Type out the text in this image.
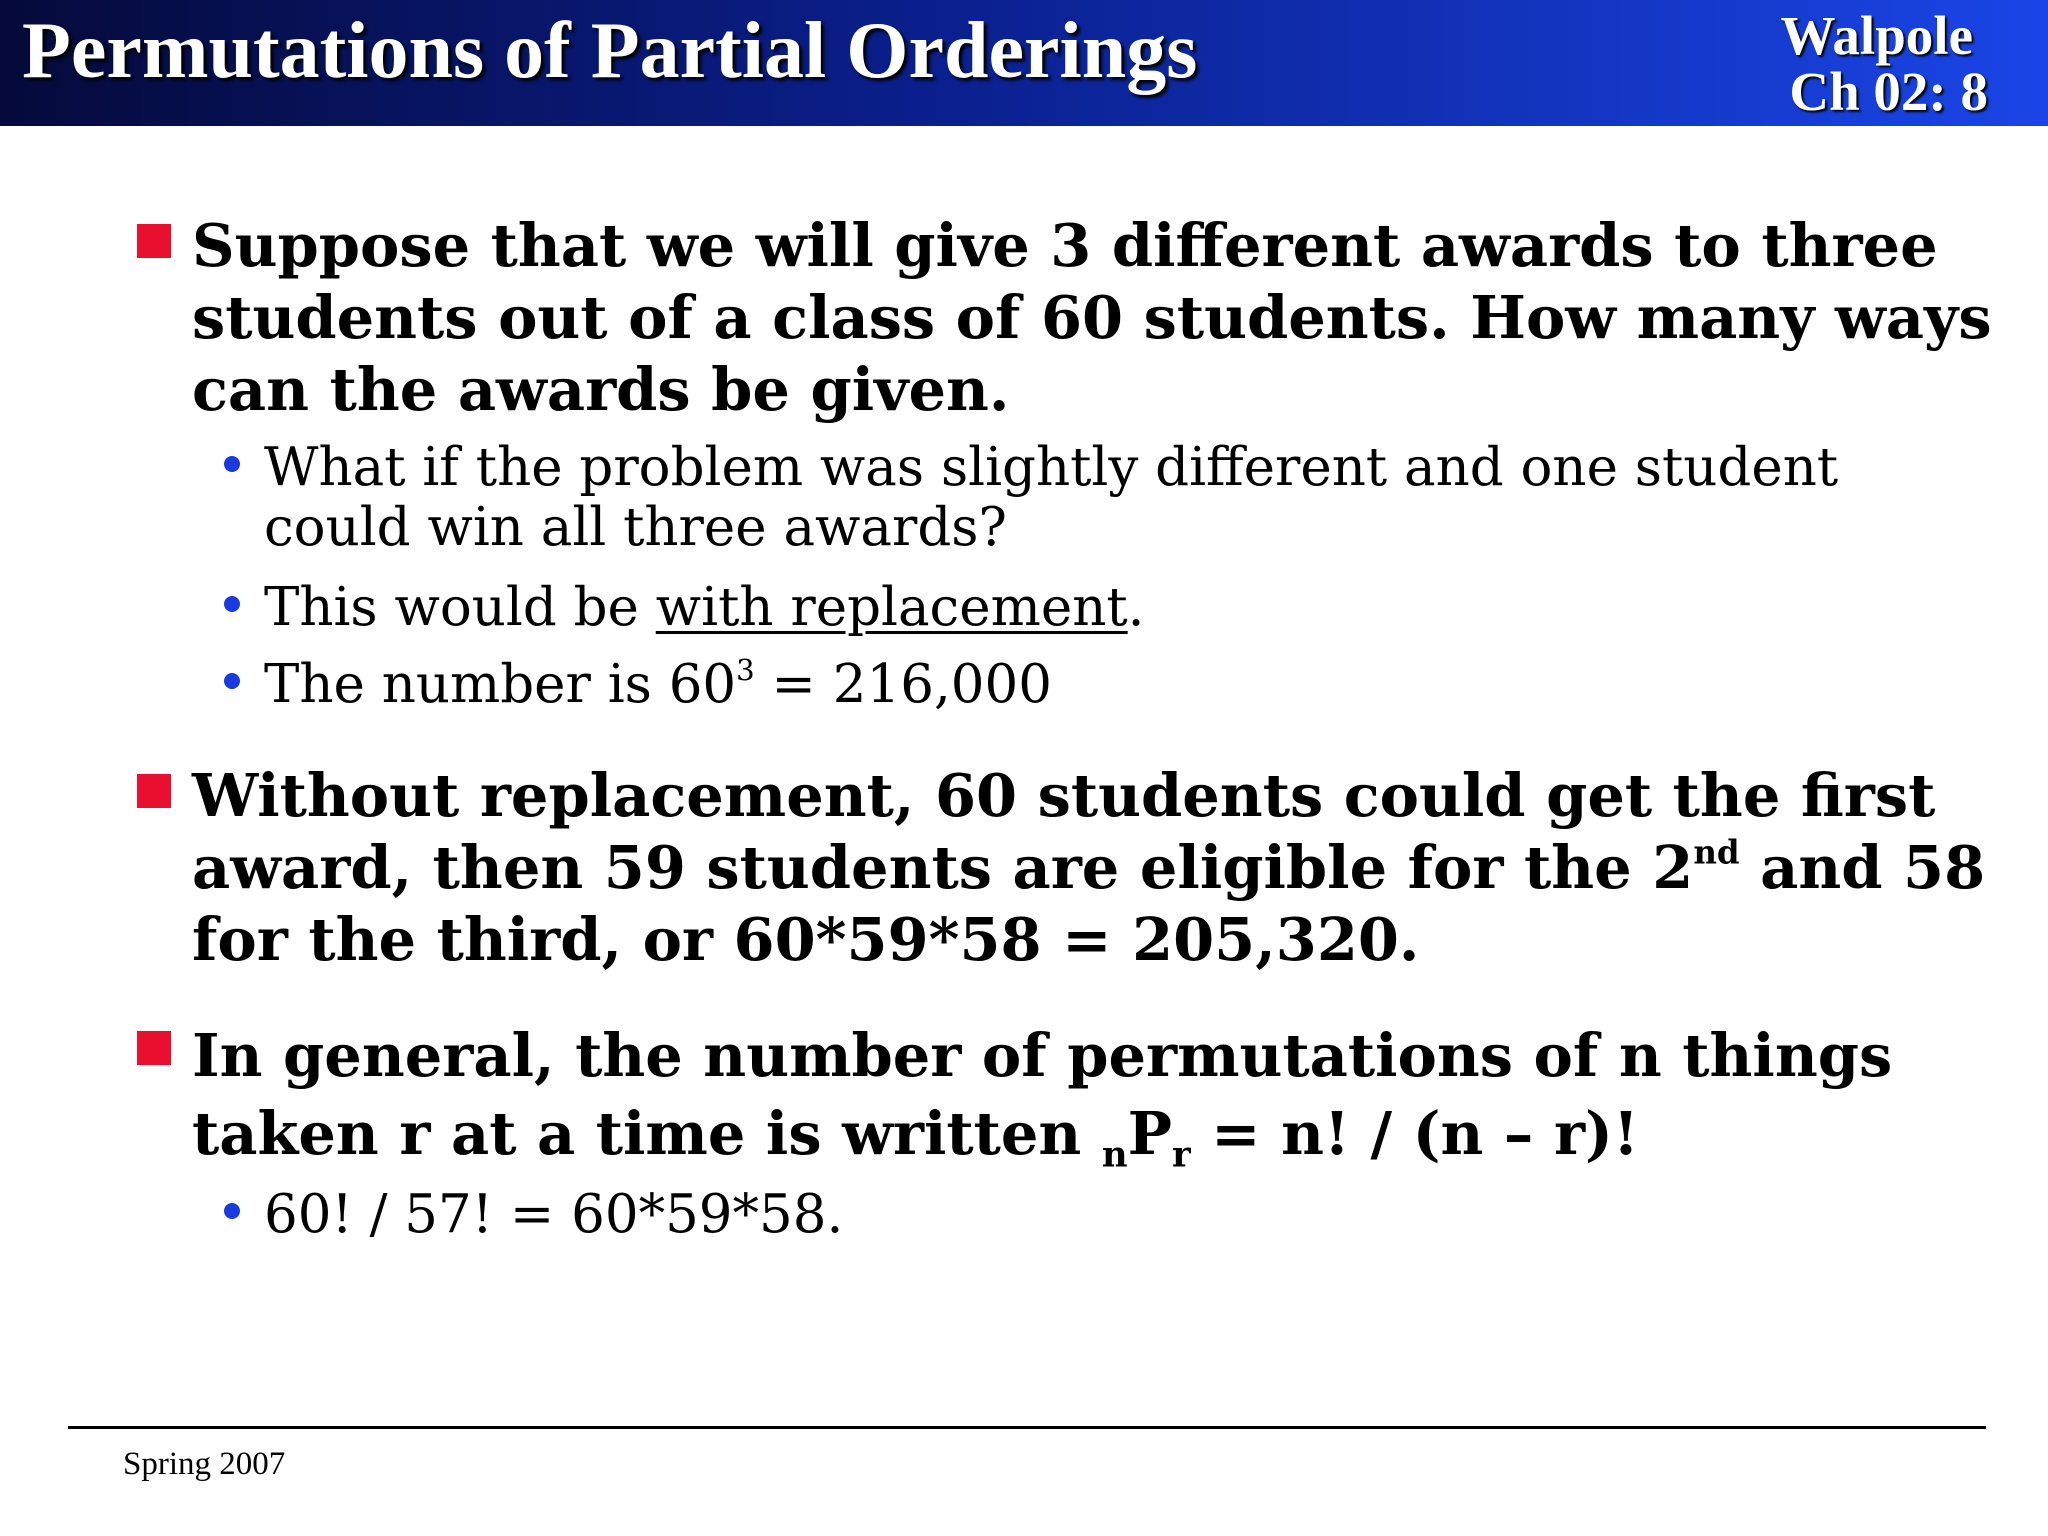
Permutations of Partial Orderings	Walpole
Ch 02: 8
Suppose that we will give 3 different awards to three
students out of a class of 60 students. How many ways
can the awards be given.
What if the problem was slightly different and one student
could win all three awards?
This would be with replacement.
The number is $60^3 = 216,000$
Without replacement, 60 students could get the first
award, then 59 students are eligible for the 2nd and 58
for the third, or 60*59*58 = 205,320.
In general, the number of permutations of n things
taken r at a time is written $_nP_r = n$! / (n – r)!
60! / 57! = 60*59*58.
Spring 2007
